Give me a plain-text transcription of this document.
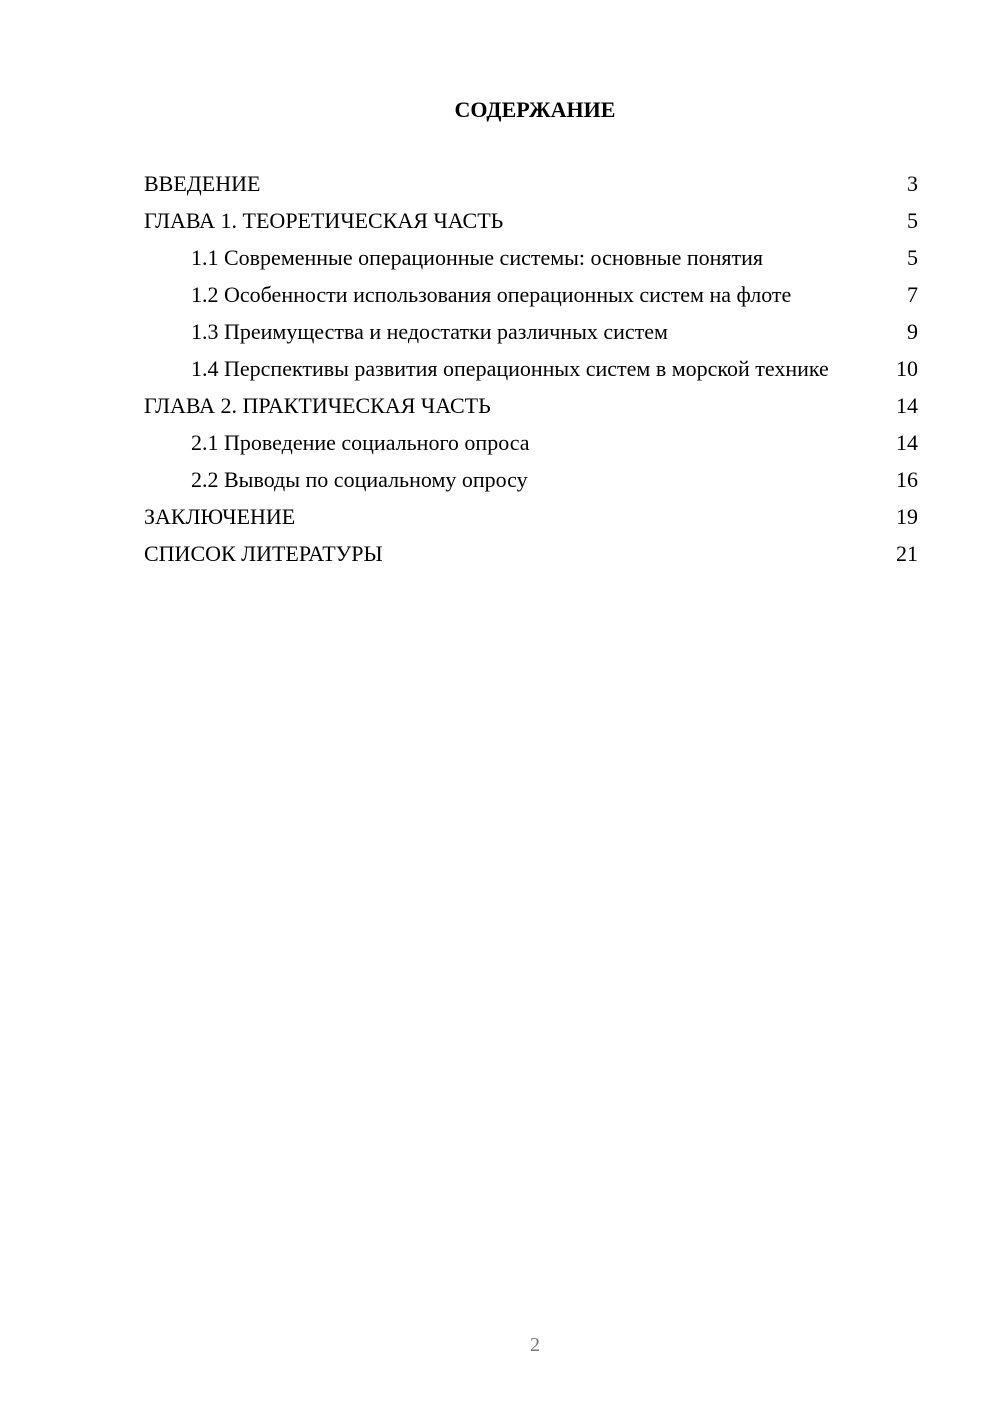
СОДЕРЖАНИЕ
ВВЕДЕНИЕ	3
ГЛАВА 1. ТЕОРЕТИЧЕСКАЯ ЧАСТЬ	5
1.1 Современные операционные системы: основные понятия	5
1.2 Особенности использования операционных систем на флоте	7
1.3 Преимущества и недостатки различных систем	9
1.4 Перспективы развития операционных систем в морской технике	10
ГЛАВА 2. ПРАКТИЧЕСКАЯ ЧАСТЬ	14
2.1 Проведение социального опроса	14
2.2 Выводы по социальному опросу	16
ЗАКЛЮЧЕНИЕ	19
СПИСОК ЛИТЕРАТУРЫ	21
2
